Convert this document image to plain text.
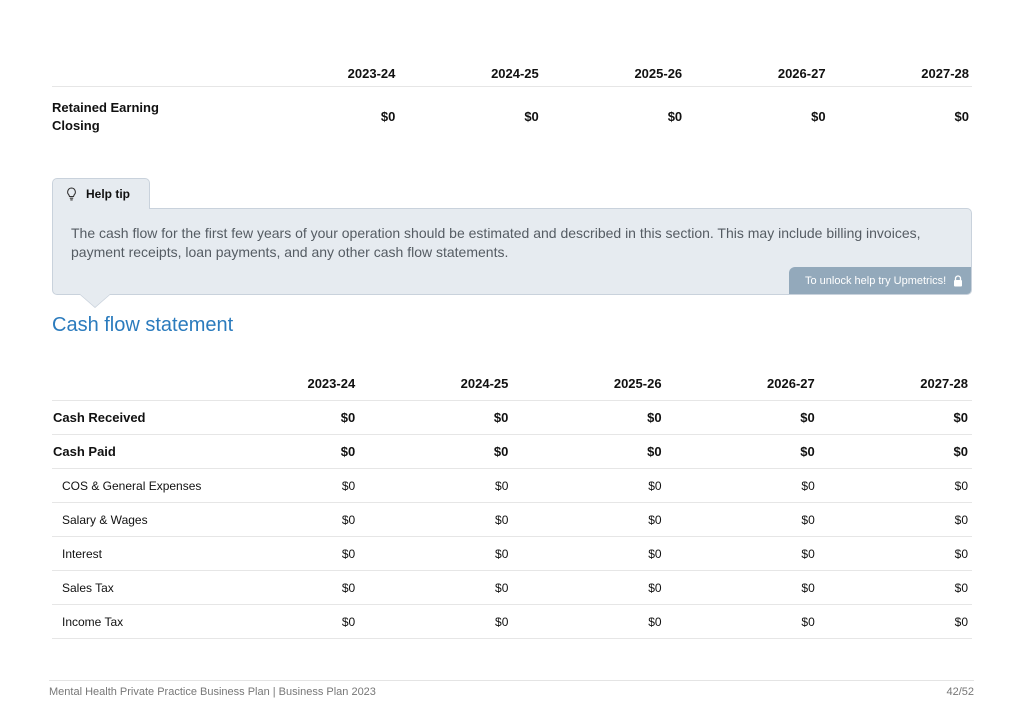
	2023-24	2024-25	2025-26	2026-27	2027-28
Retained Earning
Closing	$0	$0	$0	$0	$0
Help tip
The cash flow for the first few years of your operation should be estimated and described in this section. This may include billing invoices, payment receipts, loan payments, and any other cash flow statements.
To unlock help try Upmetrics!
Cash flow statement
	2023-24	2024-25	2025-26	2026-27	2027-28
Cash Received	$0	$0	$0	$0	$0
Cash Paid	$0	$0	$0	$0	$0
COS & General Expenses	$0	$0	$0	$0	$0
Salary & Wages	$0	$0	$0	$0	$0
Interest	$0	$0	$0	$0	$0
Sales Tax	$0	$0	$0	$0	$0
Income Tax	$0	$0	$0	$0	$0
Mental Health Private Practice Business Plan | Business Plan 2023	42/52
